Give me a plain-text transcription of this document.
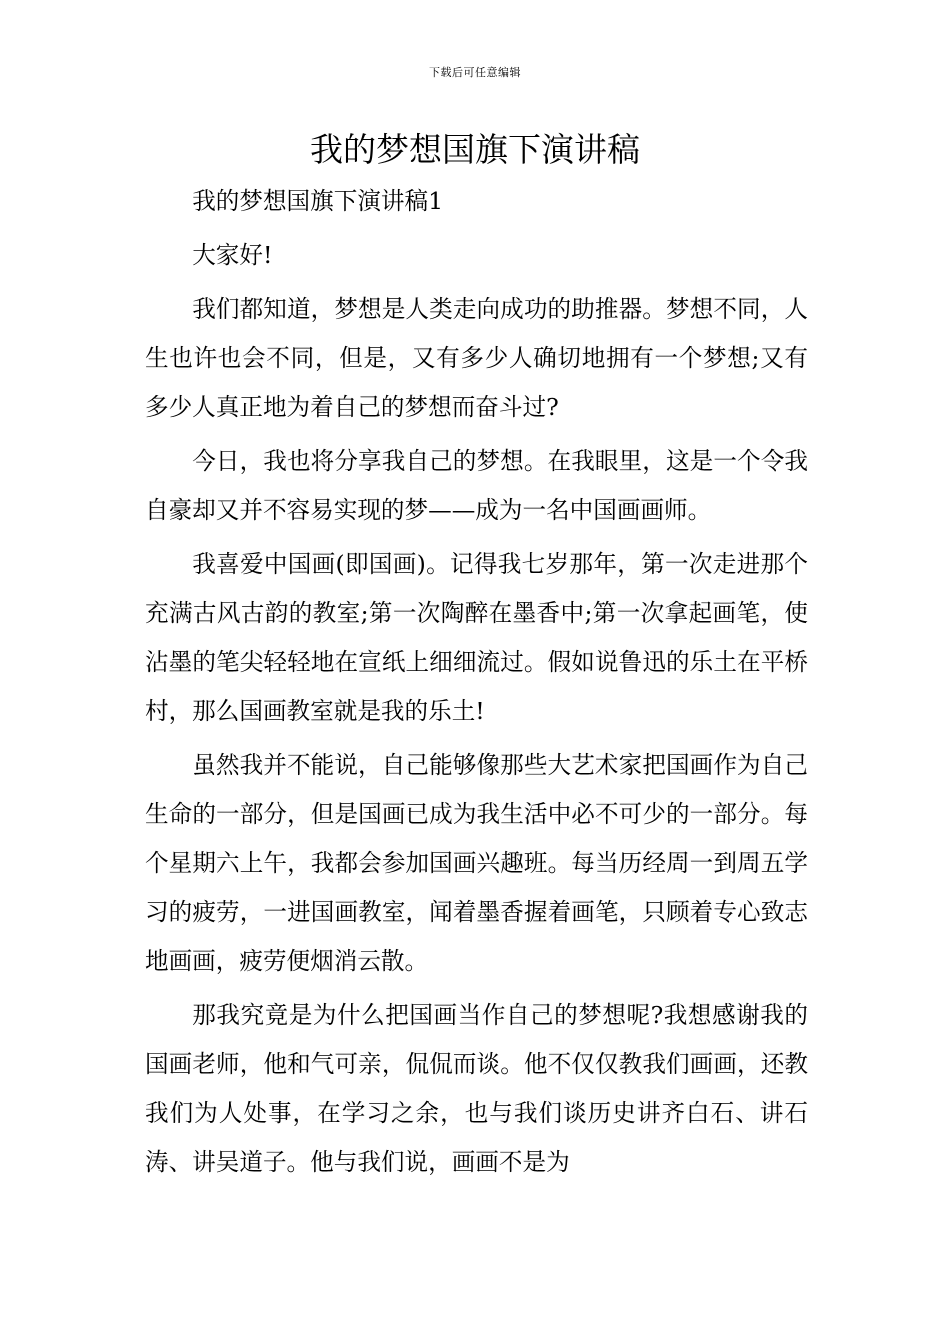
下载后可任意编辑
我的梦想国旗下演讲稿

我的梦想国旗下演讲稿1

大家好!

我们都知道，梦想是人类走向成功的助推器。梦想不同，人生也许也会不同，但是，又有多少人确切地拥有一个梦想;又有多少人真正地为着自己的梦想而奋斗过?

今日，我也将分享我自己的梦想。在我眼里，这是一个令我自豪却又并不容易实现的梦——成为一名中国画画师。

我喜爱中国画(即国画)。记得我七岁那年，第一次走进那个充满古风古韵的教室;第一次陶醉在墨香中;第一次拿起画笔，使沾墨的笔尖轻轻地在宣纸上细细流过。假如说鲁迅的乐土在平桥村，那么国画教室就是我的乐土!

虽然我并不能说，自己能够像那些大艺术家把国画作为自己生命的一部分，但是国画已成为我生活中必不可少的一部分。每个星期六上午，我都会参加国画兴趣班。每当历经周一到周五学习的疲劳，一进国画教室，闻着墨香握着画笔，只顾着专心致志地画画，疲劳便烟消云散。

那我究竟是为什么把国画当作自己的梦想呢?我想感谢我的国画老师，他和气可亲，侃侃而谈。他不仅仅教我们画画，还教我们为人处事，在学习之余，也与我们谈历史讲齐白石、讲石涛、讲吴道子。他与我们说，画画不是为
